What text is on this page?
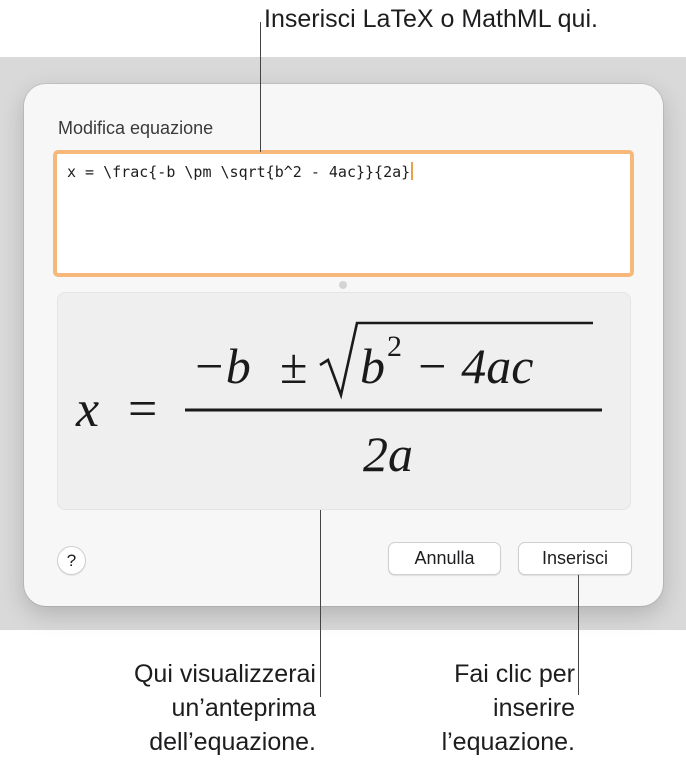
Modifica equazione
x = \frac{-b \pm \sqrt{b^2 - 4ac}}{2a}
x =
−b ± b 2 − 4ac
2a
?	Annulla	Inserisci
Inserisci LaTeX o MathML qui.
Qui visualizzerai
un’anteprima
dell’equazione.
Fai clic per
inserire
l’equazione.
